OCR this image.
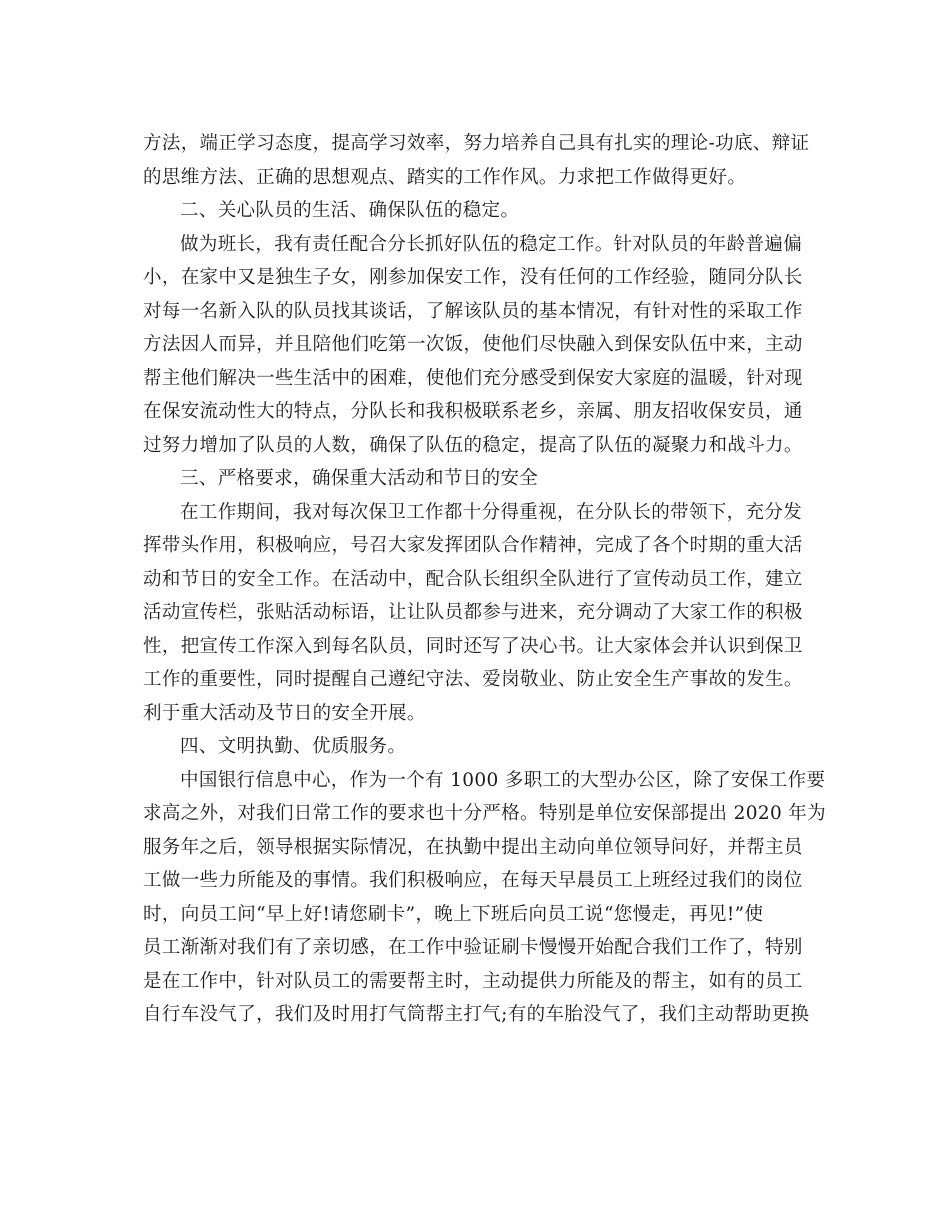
方法，端正学习态度，提高学习效率，努力培养自己具有扎实的理论-功底、辩证
的思维方法、正确的思想观点、踏实的工作作风。力求把工作做得更好。
二、关心队员的生活、确保队伍的稳定。
做为班长，我有责任配合分长抓好队伍的稳定工作。针对队员的年龄普遍偏
小，在家中又是独生子女，刚参加保安工作，没有任何的工作经验，随同分队长
对每一名新入队的队员找其谈话，了解该队员的基本情况，有针对性的采取工作
方法因人而异，并且陪他们吃第一次饭，使他们尽快融入到保安队伍中来，主动
帮主他们解决一些生活中的困难，使他们充分感受到保安大家庭的温暖，针对现
在保安流动性大的特点，分队长和我积极联系老乡，亲属、朋友招收保安员，通
过努力增加了队员的人数，确保了队伍的稳定，提高了队伍的凝聚力和战斗力。
三、严格要求，确保重大活动和节日的安全
在工作期间，我对每次保卫工作都十分得重视，在分队长的带领下，充分发
挥带头作用，积极响应，号召大家发挥团队合作精神，完成了各个时期的重大活
动和节日的安全工作。在活动中，配合队长组织全队进行了宣传动员工作，建立
活动宣传栏，张贴活动标语，让让队员都参与进来，充分调动了大家工作的积极
性，把宣传工作深入到每名队员，同时还写了决心书。让大家体会并认识到保卫
工作的重要性，同时提醒自己遵纪守法、爱岗敬业、防止安全生产事故的发生。
利于重大活动及节日的安全开展。
四、文明执勤、优质服务。
中国银行信息中心，作为一个有 1000 多职工的大型办公区，除了安保工作要
求高之外，对我们日常工作的要求也十分严格。特别是单位安保部提出 2020 年为
服务年之后，领导根据实际情况，在执勤中提出主动向单位领导问好，并帮主员
工做一些力所能及的事情。我们积极响应，在每天早晨员工上班经过我们的岗位
时，向员工问“早上好!请您刷卡”，晚上下班后向员工说“您慢走，再见!”使
员工渐渐对我们有了亲切感，在工作中验证刷卡慢慢开始配合我们工作了，特别
是在工作中，针对队员工的需要帮主时，主动提供力所能及的帮主，如有的员工
自行车没气了，我们及时用打气筒帮主打气;有的车胎没气了，我们主动帮助更换
